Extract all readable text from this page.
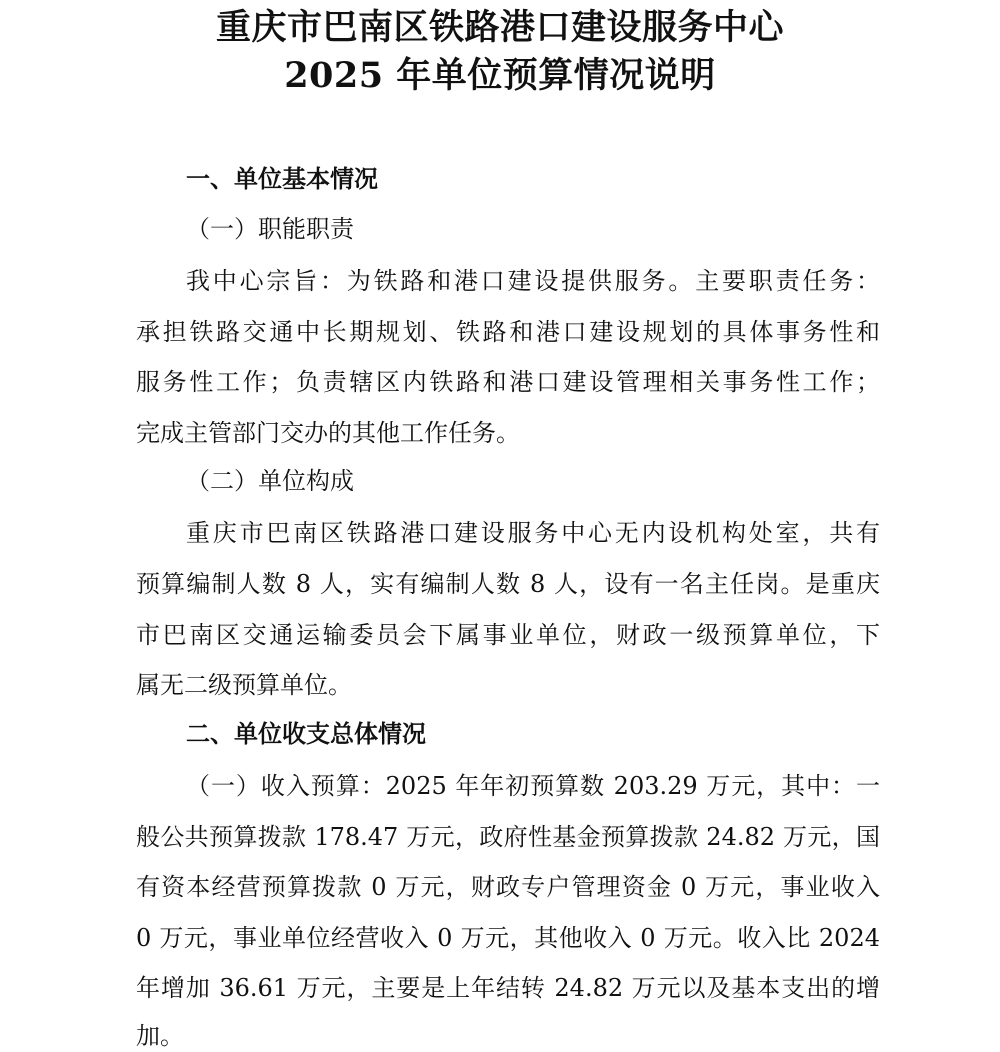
重庆市巴南区铁路港口建设服务中心
2025 年单位预算情况说明
一、单位基本情况
（一）职能职责
我中心宗旨：为铁路和港口建设提供服务。主要职责任务：
承担铁路交通中长期规划、铁路和港口建设规划的具体事务性和
服务性工作；负责辖区内铁路和港口建设管理相关事务性工作；
完成主管部门交办的其他工作任务。
（二）单位构成
重庆市巴南区铁路港口建设服务中心无内设机构处室，共有
预算编制人数 8 人，实有编制人数 8 人，设有一名主任岗。是重庆
市巴南区交通运输委员会下属事业单位，财政一级预算单位，下
属无二级预算单位。
二、单位收支总体情况
（一）收入预算：2025 年年初预算数 203.29 万元，其中：一
般公共预算拨款 178.47 万元，政府性基金预算拨款 24.82 万元，国
有资本经营预算拨款 0 万元，财政专户管理资金 0 万元，事业收入
0 万元，事业单位经营收入 0 万元，其他收入 0 万元。收入比 2024
年增加 36.61 万元，主要是上年结转 24.82 万元以及基本支出的增
加。
